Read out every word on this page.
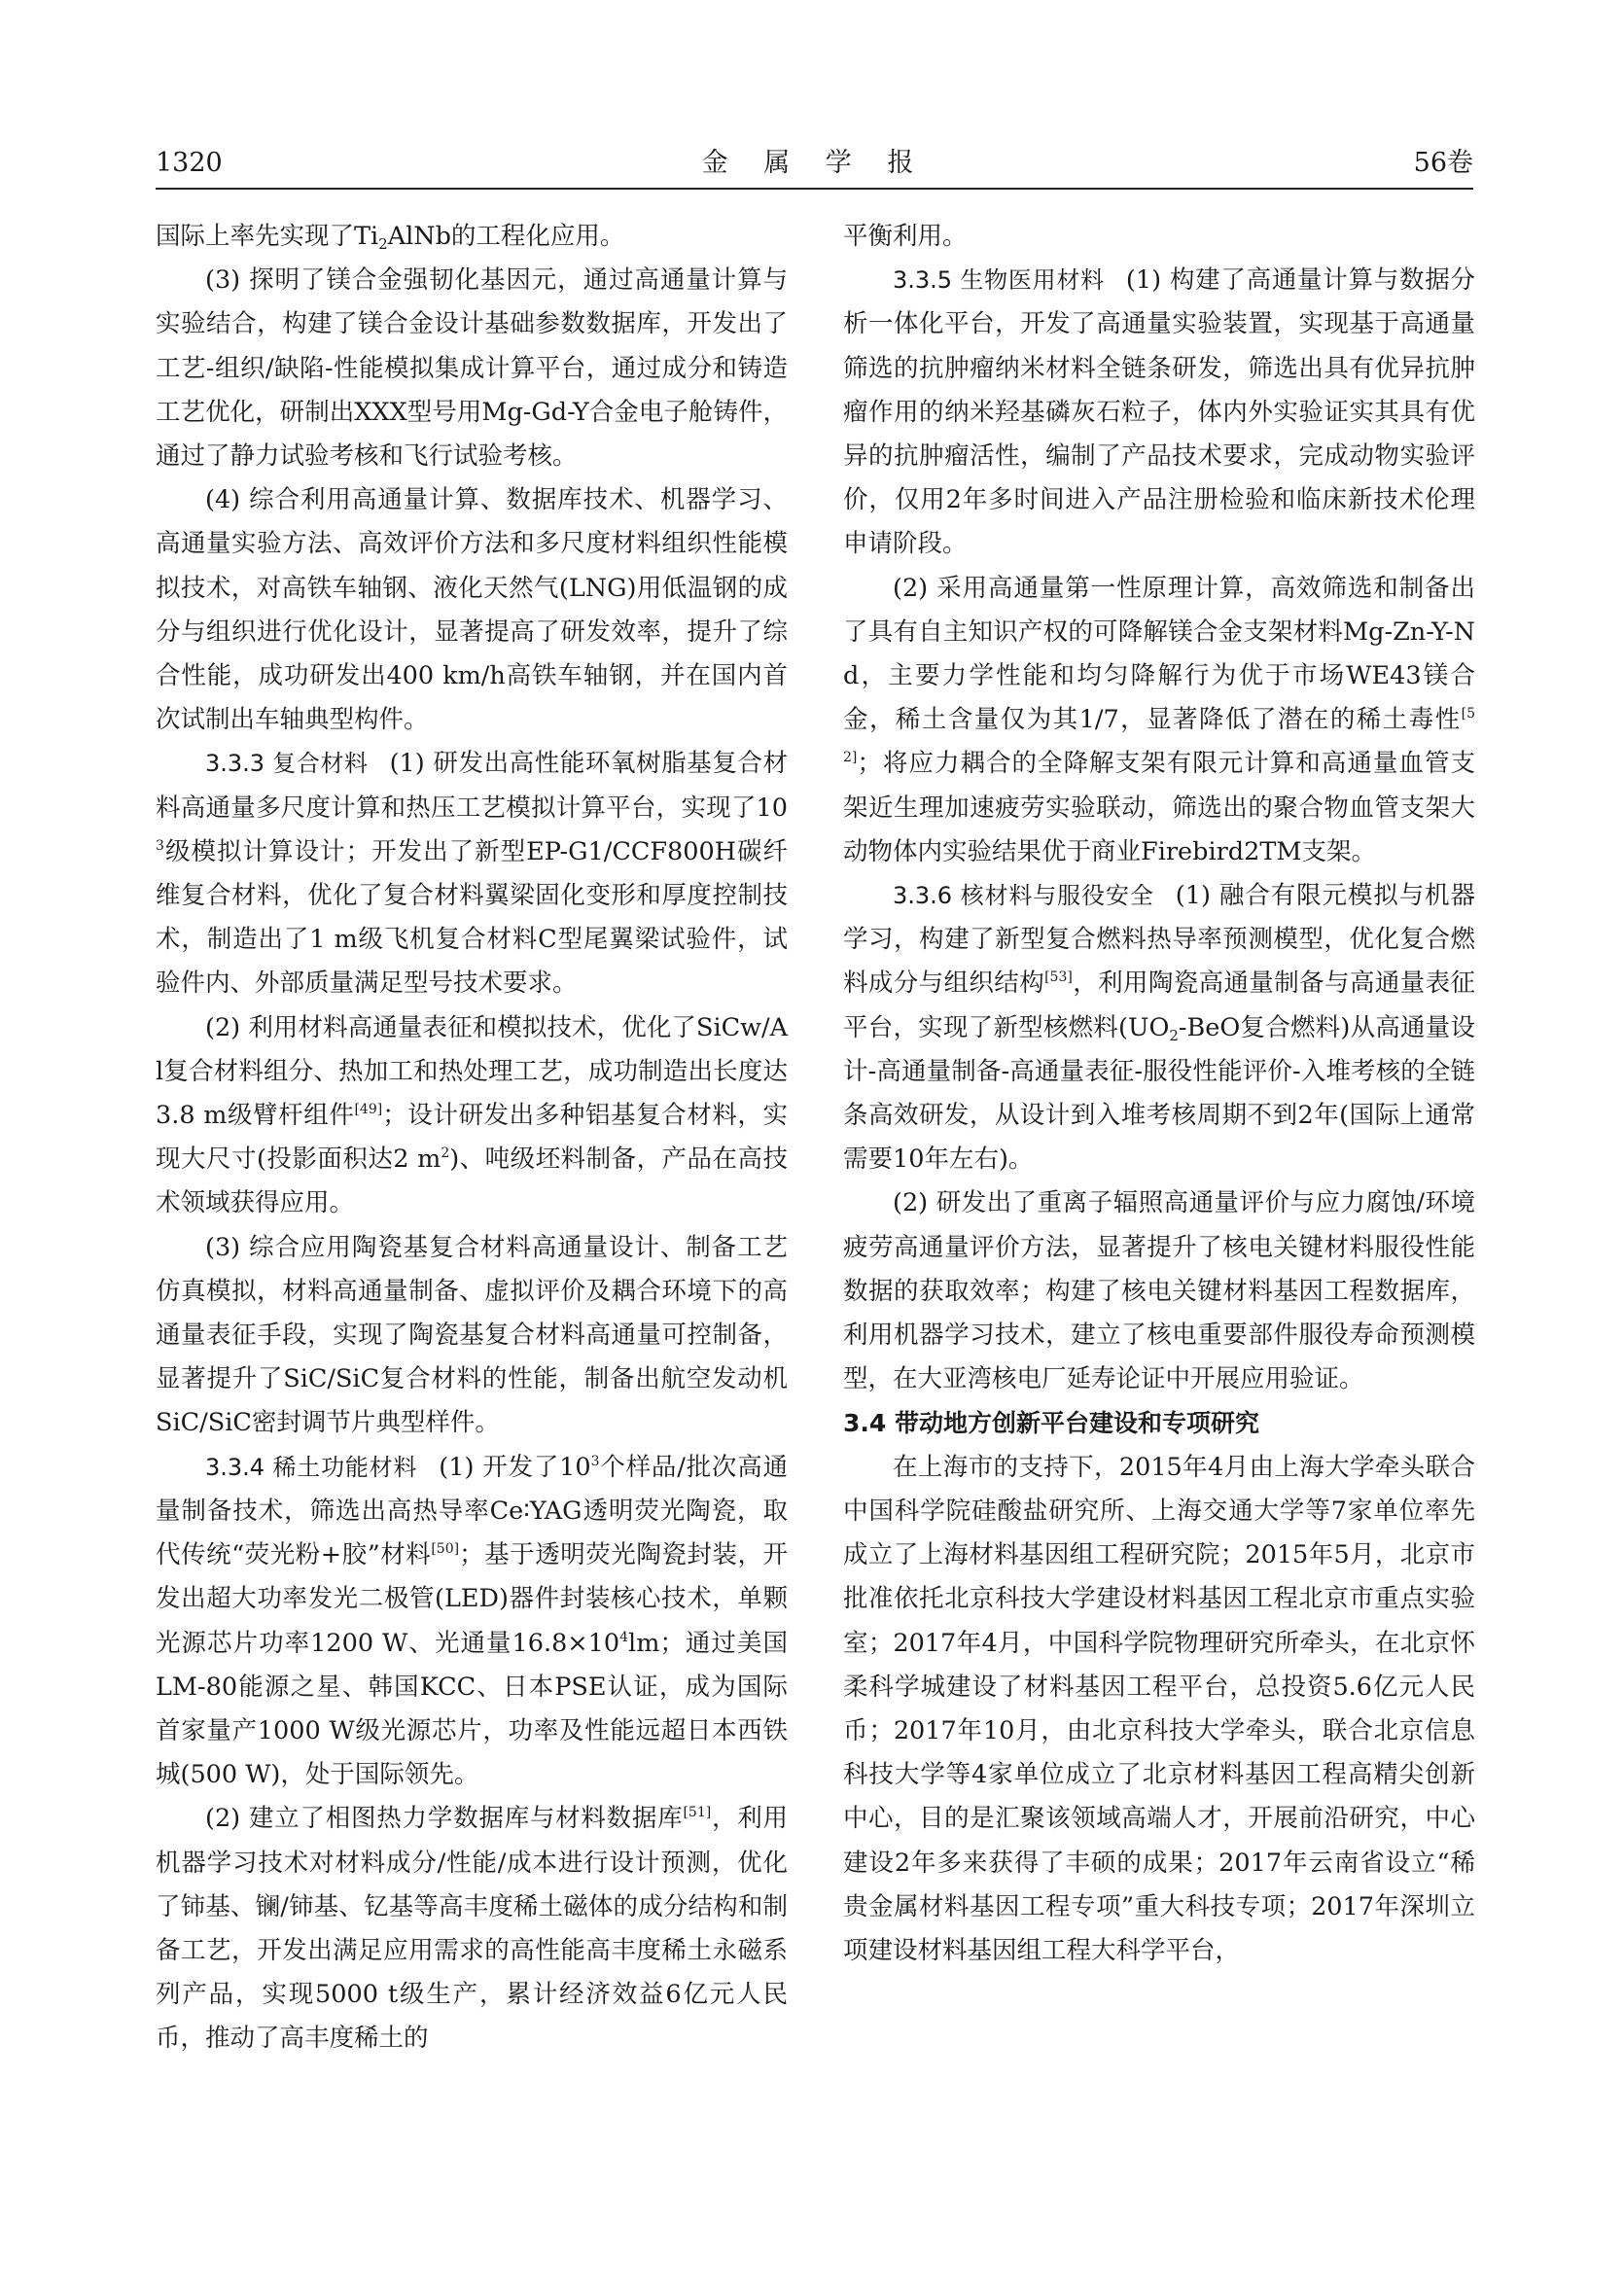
1320	金 属 学 报	56卷

国际上率先实现了$Ti_2AlNb$的工程化应用。

(3) 探明了镁合金强韧化基因元，通过高通量计算与实验结合，构建了镁合金设计基础参数数据库，开发出了工艺-组织/缺陷-性能模拟集成计算平台，通过成分和铸造工艺优化，研制出XXX型号用Mg-Gd-Y合金电子舱铸件，通过了静力试验考核和飞行试验考核。

(4) 综合利用高通量计算、数据库技术、机器学习、高通量实验方法、高效评价方法和多尺度材料组织性能模拟技术，对高铁车轴钢、液化天然气(LNG)用低温钢的成分与组织进行优化设计，显著提高了研发效率，提升了综合性能，成功研发出400 km/h高铁车轴钢，并在国内首次试制出车轴典型构件。

3.3.3 复合材料 (1) 研发出高性能环氧树脂基复合材料高通量多尺度计算和热压工艺模拟计算平台，实现了$10^3$级模拟计算设计；开发出了新型EP-G1/CCF800H碳纤维复合材料，优化了复合材料翼梁固化变形和厚度控制技术，制造出了1 m级飞机复合材料C型尾翼梁试验件，试验件内、外部质量满足型号技术要求。

(2) 利用材料高通量表征和模拟技术，优化了SiCw/Al复合材料组分、热加工和热处理工艺，成功制造出长度达3.8 m级臂杆组件[49]；设计研发出多种铝基复合材料，实现大尺寸(投影面积达2 $m^2$)、吨级坯料制备，产品在高技术领域获得应用。

(3) 综合应用陶瓷基复合材料高通量设计、制备工艺仿真模拟，材料高通量制备、虚拟评价及耦合环境下的高通量表征手段，实现了陶瓷基复合材料高通量可控制备，显著提升了SiC/SiC复合材料的性能，制备出航空发动机SiC/SiC密封调节片典型样件。

3.3.4 稀土功能材料 (1) 开发了$10^3$个样品/批次高通量制备技术，筛选出高热导率Ce∶YAG透明荧光陶瓷，取代传统“荧光粉+胶”材料[50]；基于透明荧光陶瓷封装，开发出超大功率发光二极管(LED)器件封装核心技术，单颗光源芯片功率1200 W、光通量$16.8\times 10^4lm$；通过美国LM-80能源之星、韩国KCC、日本PSE认证，成为国际首家量产1000 W级光源芯片，功率及性能远超日本西铁城(500 W)，处于国际领先。

(2) 建立了相图热力学数据库与材料数据库[51]，利用机器学习技术对材料成分/性能/成本进行设计预测，优化了铈基、镧/铈基、钇基等高丰度稀土磁体的成分结构和制备工艺，开发出满足应用需求的高性能高丰度稀土永磁系列产品，实现5000 t级生产，累计经济效益6亿元人民币，推动了高丰度稀土的

平衡利用。

3.3.5 生物医用材料 (1) 构建了高通量计算与数据分析一体化平台，开发了高通量实验装置，实现基于高通量筛选的抗肿瘤纳米材料全链条研发，筛选出具有优异抗肿瘤作用的纳米羟基磷灰石粒子，体内外实验证实其具有优异的抗肿瘤活性，编制了产品技术要求，完成动物实验评价，仅用2年多时间进入产品注册检验和临床新技术伦理申请阶段。

(2) 采用高通量第一性原理计算，高效筛选和制备出了具有自主知识产权的可降解镁合金支架材料Mg-Zn-Y-Nd，主要力学性能和均匀降解行为优于市场WE43镁合金，稀土含量仅为其1/7，显著降低了潜在的稀土毒性[52]；将应力耦合的全降解支架有限元计算和高通量血管支架近生理加速疲劳实验联动，筛选出的聚合物血管支架大动物体内实验结果优于商业Firebird2TM支架。

3.3.6 核材料与服役安全 (1) 融合有限元模拟与机器学习，构建了新型复合燃料热导率预测模型，优化复合燃料成分与组织结构[53]，利用陶瓷高通量制备与高通量表征平台，实现了新型核燃料($UO_2$-BeO复合燃料)从高通量设计-高通量制备-高通量表征-服役性能评价-入堆考核的全链条高效研发，从设计到入堆考核周期不到2年(国际上通常需要10年左右)。

(2) 研发出了重离子辐照高通量评价与应力腐蚀/环境疲劳高通量评价方法，显著提升了核电关键材料服役性能数据的获取效率；构建了核电关键材料基因工程数据库，利用机器学习技术，建立了核电重要部件服役寿命预测模型，在大亚湾核电厂延寿论证中开展应用验证。

3.4 带动地方创新平台建设和专项研究

在上海市的支持下，2015年4月由上海大学牵头联合中国科学院硅酸盐研究所、上海交通大学等7家单位率先成立了上海材料基因组工程研究院；2015年5月，北京市批准依托北京科技大学建设材料基因工程北京市重点实验室；2017年4月，中国科学院物理研究所牵头，在北京怀柔科学城建设了材料基因工程平台，总投资5.6亿元人民币；2017年10月，由北京科技大学牵头，联合北京信息科技大学等4家单位成立了北京材料基因工程高精尖创新中心，目的是汇聚该领域高端人才，开展前沿研究，中心建设2年多来获得了丰硕的成果；2017年云南省设立“稀贵金属材料基因工程专项”重大科技专项；2017年深圳立项建设材料基因组工程大科学平台，
